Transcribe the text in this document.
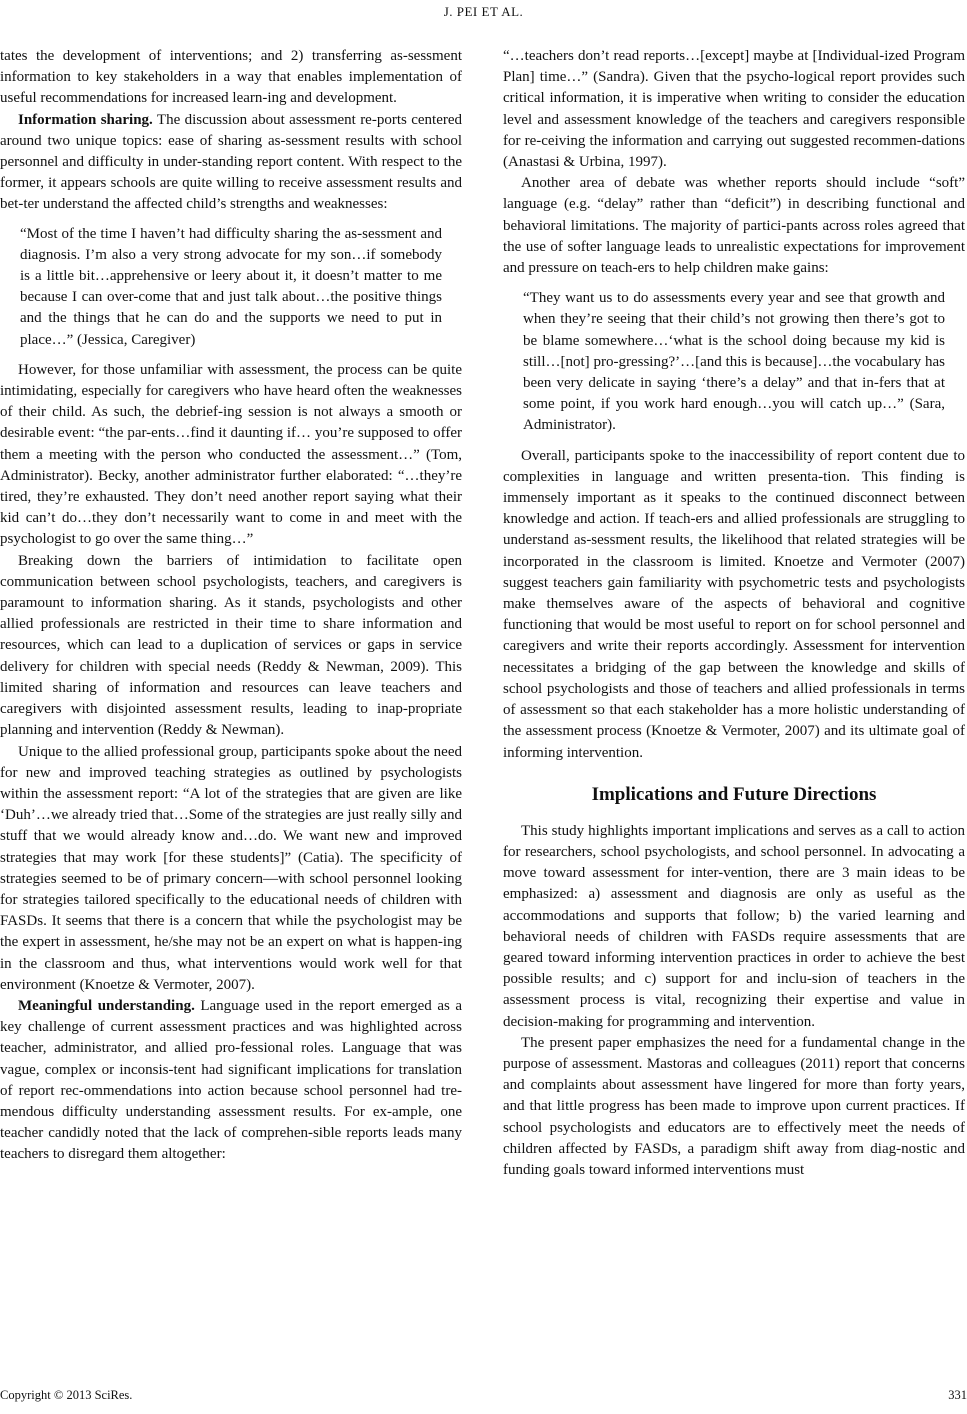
J. PEI ET AL.

tates the development of interventions; and 2) transferring as-sessment information to key stakeholders in a way that enables implementation of useful recommendations for increased learn-ing and development.

Information sharing. The discussion about assessment re-ports centered around two unique topics: ease of sharing as-sessment results with school personnel and difficulty in under-standing report content. With respect to the former, it appears schools are quite willing to receive assessment results and bet-ter understand the affected child’s strengths and weaknesses:

“Most of the time I haven’t had difficulty sharing the as-sessment and diagnosis. I’m also a very strong advocate for my son…if somebody is a little bit…apprehensive or leery about it, it doesn’t matter to me because I can over-come that and just talk about…the positive things and the things that he can do and the supports we need to put in place…” (Jessica, Caregiver)

However, for those unfamiliar with assessment, the process can be quite intimidating, especially for caregivers who have heard often the weaknesses of their child. As such, the debrief-ing session is not always a smooth or desirable event: “the par-ents…find it daunting if… you’re supposed to offer them a meeting with the person who conducted the assessment…” (Tom, Administrator). Becky, another administrator further elaborated: “…they’re tired, they’re exhausted. They don’t need another report saying what their kid can’t do…they don’t necessarily want to come in and meet with the psychologist to go over the same thing…”

Breaking down the barriers of intimidation to facilitate open communication between school psychologists, teachers, and caregivers is paramount to information sharing. As it stands, psychologists and other allied professionals are restricted in their time to share information and resources, which can lead to a duplication of services or gaps in service delivery for children with special needs (Reddy & Newman, 2009). This limited sharing of information and resources can leave teachers and caregivers with disjointed assessment results, leading to inap-propriate planning and intervention (Reddy & Newman).

Unique to the allied professional group, participants spoke about the need for new and improved teaching strategies as outlined by psychologists within the assessment report: “A lot of the strategies that are given are like ‘Duh’…we already tried that…Some of the strategies are just really silly and stuff that we would already know and…do. We want new and improved strategies that may work [for these students]” (Catia). The specificity of strategies seemed to be of primary concern—with school personnel looking for strategies tailored specifically to the educational needs of children with FASDs. It seems that there is a concern that while the psychologist may be the expert in assessment, he/she may not be an expert on what is happen-ing in the classroom and thus, what interventions would work well for that environment (Knoetze & Vermoter, 2007).

Meaningful understanding. Language used in the report emerged as a key challenge of current assessment practices and was highlighted across teacher, administrator, and allied pro-fessional roles. Language that was vague, complex or inconsis-tent had significant implications for translation of report rec-ommendations into action because school personnel had tre-mendous difficulty understanding assessment results. For ex-ample, one teacher candidly noted that the lack of comprehen-sible reports leads many teachers to disregard them altogether:

“…teachers don’t read reports…[except] maybe at [Individual-ized Program Plan] time…” (Sandra). Given that the psycho-logical report provides such critical information, it is imperative when writing to consider the education level and assessment knowledge of the teachers and caregivers responsible for re-ceiving the information and carrying out suggested recommen-dations (Anastasi & Urbina, 1997).

Another area of debate was whether reports should include “soft” language (e.g. “delay” rather than “deficit”) in describing functional and behavioral limitations. The majority of partici-pants across roles agreed that the use of softer language leads to unrealistic expectations for improvement and pressure on teach-ers to help children make gains:

“They want us to do assessments every year and see that growth and when they’re seeing that their child’s not growing then there’s got to be blame somewhere…‘what is the school doing because my kid is still…[not] pro-gressing?’…[and this is because]…the vocabulary has been very delicate in saying ‘there’s a delay” and that in-fers that at some point, if you work hard enough…you will catch up…” (Sara, Administrator).

Overall, participants spoke to the inaccessibility of report content due to complexities in language and written presenta-tion. This finding is immensely important as it speaks to the continued disconnect between knowledge and action. If teach-ers and allied professionals are struggling to understand as-sessment results, the likelihood that related strategies will be incorporated in the classroom is limited. Knoetze and Vermoter (2007) suggest teachers gain familiarity with psychometric tests and psychologists make themselves aware of the aspects of behavioral and cognitive functioning that would be most useful to report on for school personnel and caregivers and write their reports accordingly. Assessment for intervention necessitates a bridging of the gap between the knowledge and skills of school psychologists and those of teachers and allied professionals in terms of assessment so that each stakeholder has a more holistic understanding of the assessment process (Knoetze & Vermoter, 2007) and its ultimate goal of informing intervention.

Implications and Future Directions

This study highlights important implications and serves as a call to action for researchers, school psychologists, and school personnel. In advocating a move toward assessment for inter-vention, there are 3 main ideas to be emphasized: a) assessment and diagnosis are only as useful as the accommodations and supports that follow; b) the varied learning and behavioral needs of children with FASDs require assessments that are geared toward informing intervention practices in order to achieve the best possible results; and c) support for and inclu-sion of teachers in the assessment process is vital, recognizing their expertise and value in decision-making for programming and intervention.

The present paper emphasizes the need for a fundamental change in the purpose of assessment. Mastoras and colleagues (2011) report that concerns and complaints about assessment have lingered for more than forty years, and that little progress has been made to improve upon current practices. If school psychologists and educators are to effectively meet the needs of children affected by FASDs, a paradigm shift away from diag-nostic and funding goals toward informed interventions must

Copyright © 2013 SciRes.	331
